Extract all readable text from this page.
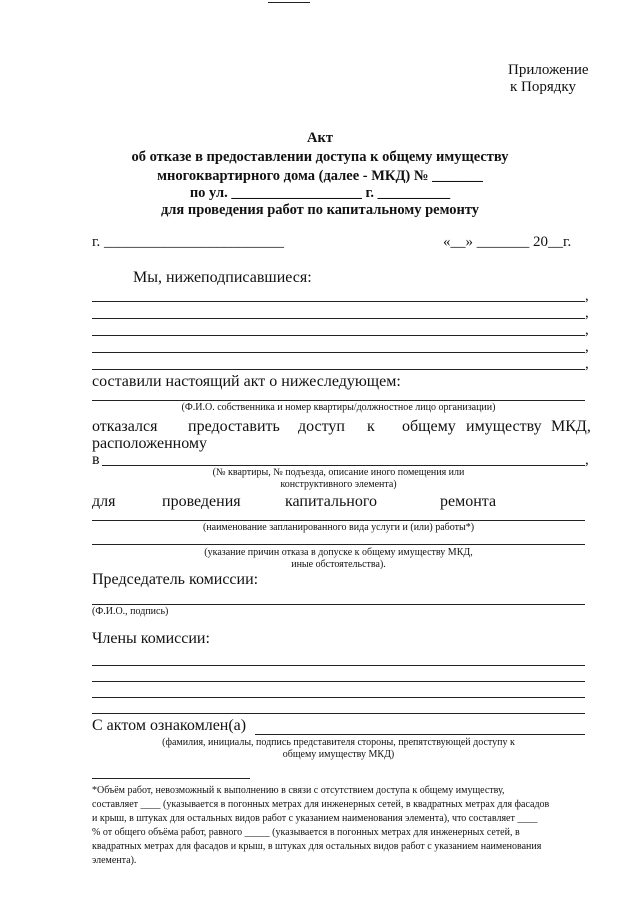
Приложение
к Порядку
Акт
об отказе в предоставлении доступа к общему имуществу
многоквартирного дома (далее - МКД) № _______
по ул. __________________ г. __________
для проведения работ по капитальному ремонту
г. ________________________	«__» _______ 20__г.
Мы, нижеподписавшиеся:
,
,
,
,
,
составили настоящий акт о нижеследующем:
(Ф.И.О. собственника и номер квартиры/должностное лицо организации)
отказался предоставить доступ к общему имуществу МКД,
расположенному
в	,
(№ квартиры, № подъезда, описание иного помещения или
конструктивного элемента)
для	проведения	капитального	ремонта
(наименование запланированного вида услуги и (или) работы*)
(указание причин отказа в допуске к общему имуществу МКД,
иные обстоятельства).
Председатель комиссии:
(Ф.И.О., подпись)
Члены комиссии:
С актом ознакомлен(а)
(фамилия, инициалы, подпись представителя стороны, препятствующей доступу к
общему имуществу МКД)
*Объём работ, невозможный к выполнению в связи с отсутствием доступа к общему имуществу,
составляет ____ (указывается в погонных метрах для инженерных сетей, в квадратных метрах для фасадов
и крыш, в штуках для остальных видов работ с указанием наименования элемента), что составляет ____
% от общего объёма работ, равного _____ (указывается в погонных метрах для инженерных сетей, в
квадратных метрах для фасадов и крыш, в штуках для остальных видов работ с указанием наименования
элемента).
